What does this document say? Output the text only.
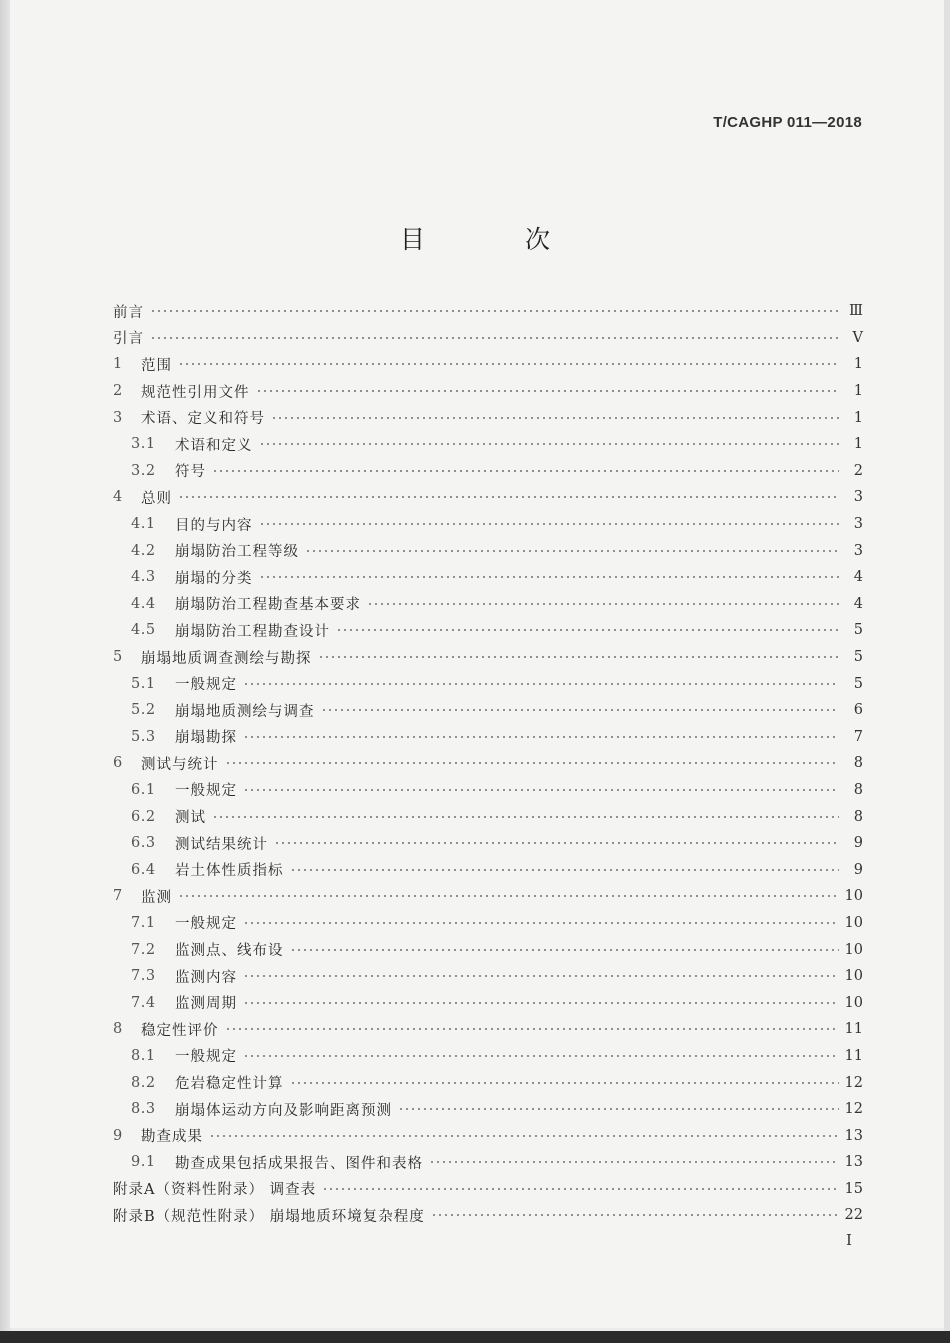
T/CAGHP 011—2018
目 次
前言	Ⅲ
引言	Ⅴ
1	范围	1
2	规范性引用文件	1
3	术语、定义和符号	1
3.1	术语和定义	1
3.2	符号	2
4	总则	3
4.1	目的与内容	3
4.2	崩塌防治工程等级	3
4.3	崩塌的分类	4
4.4	崩塌防治工程勘查基本要求	4
4.5	崩塌防治工程勘查设计	5
5	崩塌地质调查测绘与勘探	5
5.1	一般规定	5
5.2	崩塌地质测绘与调查	6
5.3	崩塌勘探	7
6	测试与统计	8
6.1	一般规定	8
6.2	测试	8
6.3	测试结果统计	9
6.4	岩土体性质指标	9
7	监测	10
7.1	一般规定	10
7.2	监测点、线布设	10
7.3	监测内容	10
7.4	监测周期	10
8	稳定性评价	11
8.1	一般规定	11
8.2	危岩稳定性计算	12
8.3	崩塌体运动方向及影响距离预测	12
9	勘查成果	13
9.1	勘查成果包括成果报告、图件和表格	13
附录A（资料性附录） 调查表	15
附录B（规范性附录） 崩塌地质环境复杂程度	22
Ⅰ
